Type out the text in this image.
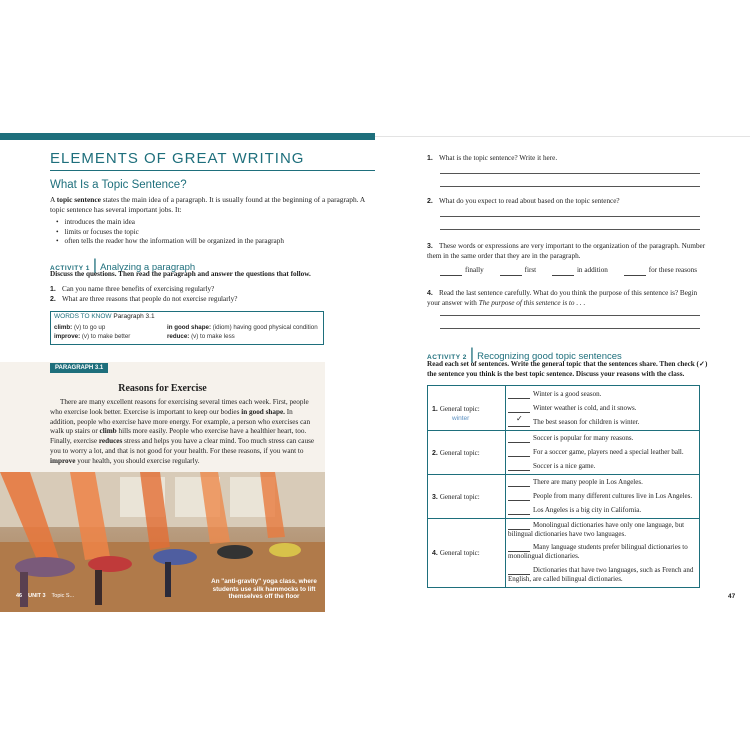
ELEMENTS OF GREAT WRITING
What Is a Topic Sentence?
A topic sentence states the main idea of a paragraph. It is usually found at the beginning of a paragraph. A topic sentence has several important jobs. It:
• introduces the main idea
• limits or focuses the topic
• often tells the reader how the information will be organized in the paragraph
ACTIVITY 1 | Analyzing a paragraph
Discuss the questions. Then read the paragraph and answer the questions that follow.
1. Can you name three benefits of exercising regularly?
2. What are three reasons that people do not exercise regularly?
WORDS TO KNOW Paragraph 3.1
climb: (v) to go up	in good shape: (idiom) having good physical condition
improve: (v) to make better	reduce: (v) to make less
PARAGRAPH 3.1
Reasons for Exercise
There are many excellent reasons for exercising several times each week. First, people who exercise look better. Exercise is important to keep our bodies in good shape. In addition, people who exercise have more energy. For example, a person who exercises can walk up stairs or climb hills more easily. People who exercise have a healthier heart, too. Finally, exercise reduces stress and helps you have a clear mind. Too much stress can cause you to worry a lot, and that is not good for your health. For these reasons, if you want to improve your health, you should exercise regularly.
An "anti-gravity" yoga class, where students use silk hammocks to lift themselves off the floor
46 UNIT 3 Topic S...
1. What is the topic sentence? Write it here.
2. What do you expect to read about based on the topic sentence?
3. These words or expressions are very important to the organization of the paragraph. Number them in the same order that they are in the paragraph.
finally	first	in addition	for these reasons
4. Read the last sentence carefully. What do you think the purpose of this sentence is? Begin your answer with The purpose of this sentence is to . . .
ACTIVITY 2 | Recognizing good topic sentences
Read each set of sentences. Write the general topic that the sentences share. Then check (✓) the sentence you think is the best topic sentence. Discuss your reasons with the class.
1. General topic:
winter
Winter is a good season.
Winter weather is cold, and it snows.
✓ The best season for children is winter.
2. General topic:
Soccer is popular for many reasons.
For a soccer game, players need a special leather ball.
Soccer is a nice game.
3. General topic:
There are many people in Los Angeles.
People from many different cultures live in Los Angeles.
Los Angeles is a big city in California.
4. General topic:
Monolingual dictionaries have only one language, but bilingual dictionaries have two languages.
Many language students prefer bilingual dictionaries to monolingual dictionaries.
Dictionaries that have two languages, such as French and English, are called bilingual dictionaries.
47
